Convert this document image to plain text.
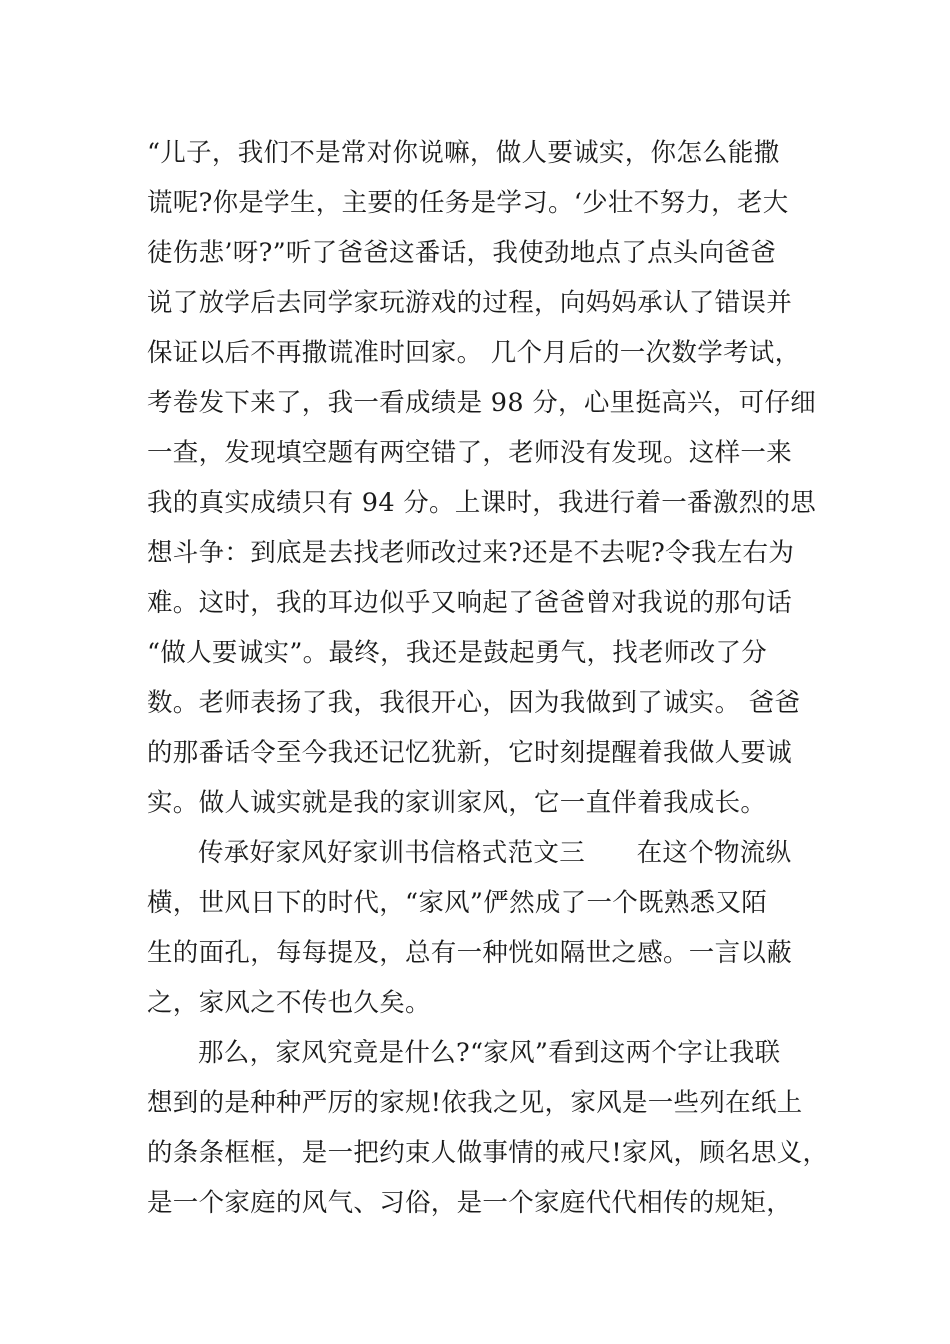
“儿子，我们不是常对你说嘛，做人要诚实，你怎么能撒
谎呢?你是学生，主要的任务是学习。‘少壮不努力，老大
徒伤悲’呀?”听了爸爸这番话，我使劲地点了点头向爸爸
说了放学后去同学家玩游戏的过程，向妈妈承认了错误并
保证以后不再撒谎准时回家。 几个月后的一次数学考试，
考卷发下来了，我一看成绩是 98 分，心里挺高兴，可仔细
一查，发现填空题有两空错了，老师没有发现。这样一来
我的真实成绩只有 94 分。上课时，我进行着一番激烈的思
想斗争：到底是去找老师改过来?还是不去呢?令我左右为
难。这时，我的耳边似乎又响起了爸爸曾对我说的那句话
“做人要诚实”。最终，我还是鼓起勇气，找老师改了分
数。老师表扬了我，我很开心，因为我做到了诚实。 爸爸
的那番话令至今我还记忆犹新，它时刻提醒着我做人要诚
实。做人诚实就是我的家训家风，它一直伴着我成长。
传承好家风好家训书信格式范文三　　在这个物流纵
横，世风日下的时代，“家风”俨然成了一个既熟悉又陌
生的面孔，每每提及，总有一种恍如隔世之感。一言以蔽
之，家风之不传也久矣。
那么，家风究竟是什么?“家风”看到这两个字让我联
想到的是种种严厉的家规!依我之见，家风是一些列在纸上
的条条框框，是一把约束人做事情的戒尺!家风，顾名思义，
是一个家庭的风气、习俗，是一个家庭代代相传的规矩，
